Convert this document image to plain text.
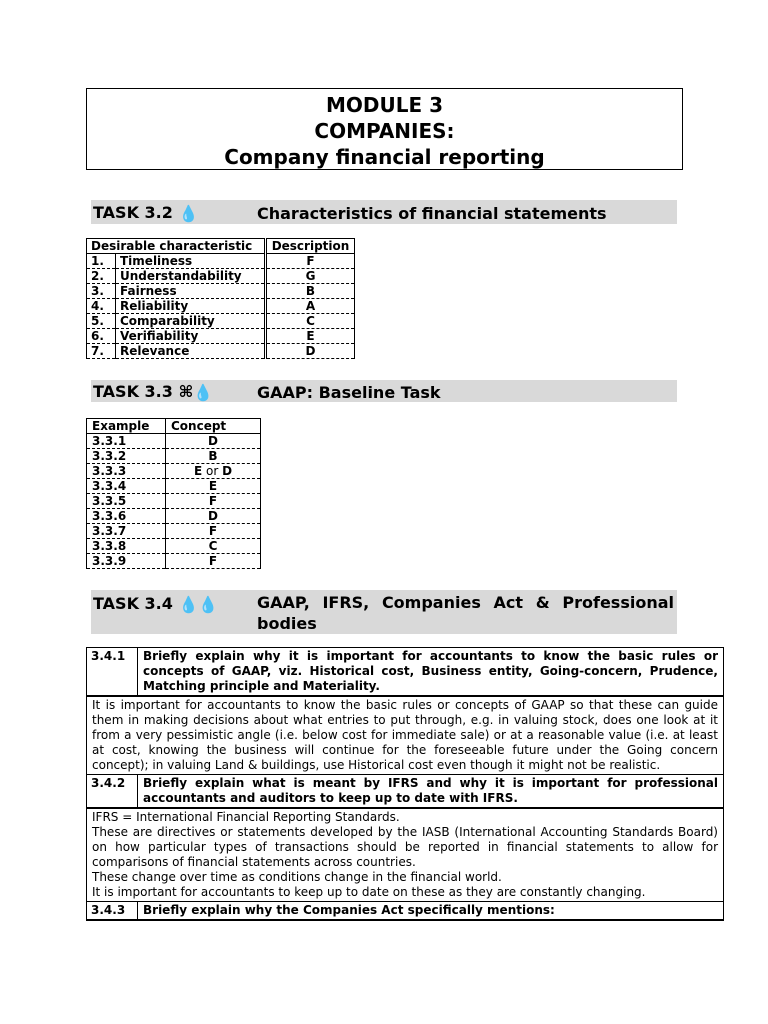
MODULE 3
COMPANIES:
Company financial reporting
TASK 3.2 💧	Characteristics of financial statements
Desirable characteristic		Description
1.	Timeliness	F
2.	Understandability	G
3.	Fairness	B
4.	Reliability	A
5.	Comparability	C
6.	Verifiability	E
7.	Relevance	D
TASK 3.3 ⌘💧	GAAP: Baseline Task
Example	Concept
3.3.1	D
3.3.2	B
3.3.3	E or D
3.3.4	E
3.3.5	F
3.3.6	D
3.3.7	F
3.3.8	C
3.3.9	F
TASK 3.4 💧💧 GAAP, IFRS, Companies Act & Professional bodies
3.4.1	Briefly explain why it is important for accountants to know the basic rules or concepts of GAAP, viz. Historical cost, Business entity, Going-concern, Prudence, Matching principle and Materiality.
It is important for accountants to know the basic rules or concepts of GAAP so that these can guide them in making decisions about what entries to put through, e.g. in valuing stock, does one look at it from a very pessimistic angle (i.e. below cost for immediate sale) or at a reasonable value (i.e. at least at cost, knowing the business will continue for the foreseeable future under the Going concern concept); in valuing Land & buildings, use Historical cost even though it might not be realistic.	
3.4.2	Briefly explain what is meant by IFRS and why it is important for professional accountants and auditors to keep up to date with IFRS.

IFRS = International Financial Reporting Standards.
These are directives or statements developed by the IASB (International Accounting Standards Board) on how particular types of transactions should be reported in financial statements to allow for comparisons of financial statements across countries.
These change over time as conditions change in the financial world.
It is important for accountants to keep up to date on these as they are constantly changing.	

3.4.3	Briefly explain why the Companies Act specifically mentions:
